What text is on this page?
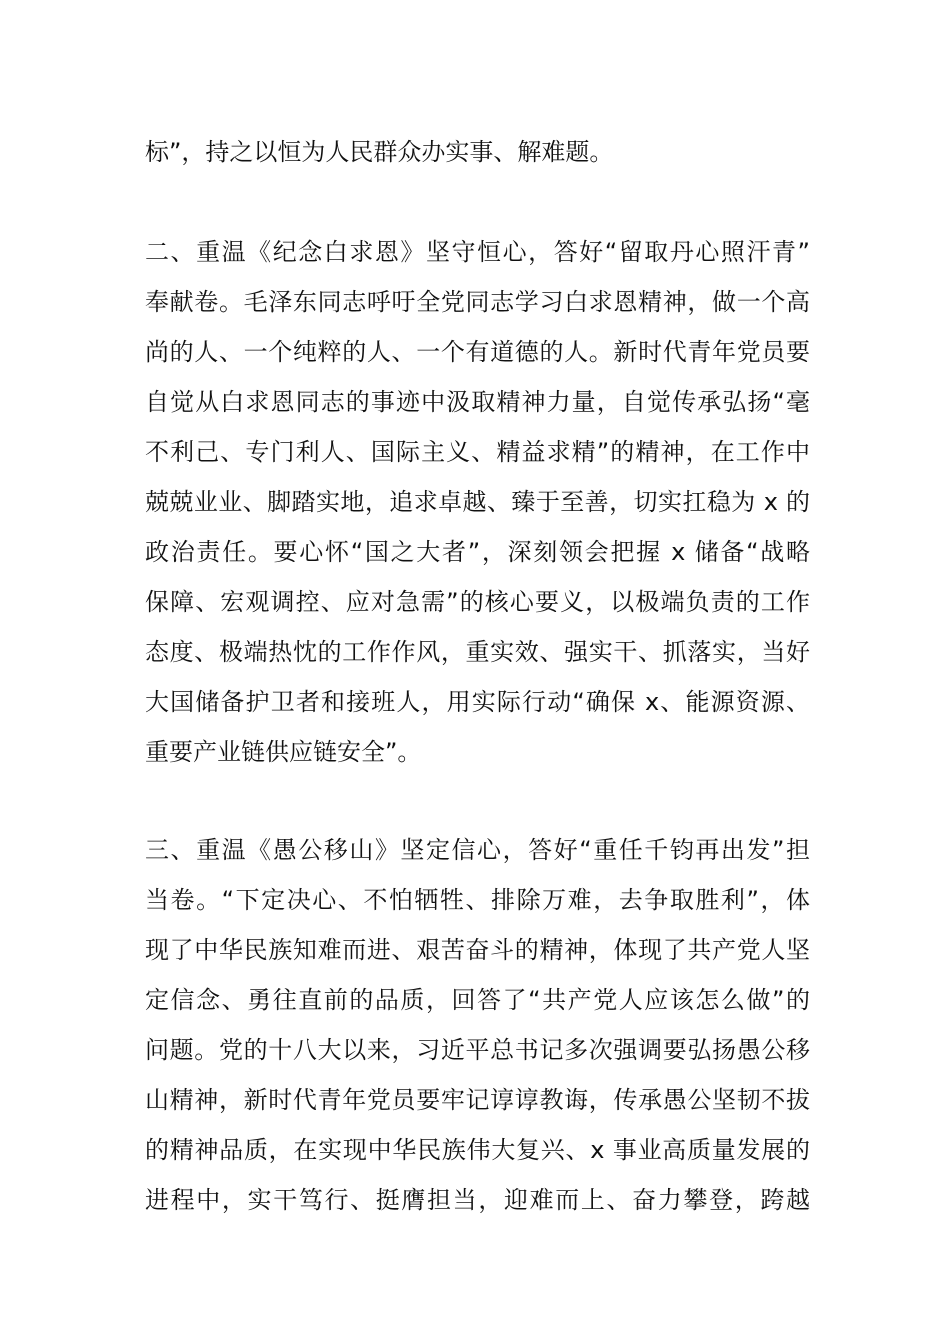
标”，持之以恒为人民群众办实事、解难题。
二、重温《纪念白求恩》坚守恒心，答好“留取丹心照汗青”
奉献卷。毛泽东同志呼吁全党同志学习白求恩精神，做一个高
尚的人、一个纯粹的人、一个有道德的人。新时代青年党员要
自觉从白求恩同志的事迹中汲取精神力量，自觉传承弘扬“毫
不利己、专门利人、国际主义、精益求精”的精神，在工作中
兢兢业业、脚踏实地，追求卓越、臻于至善，切实扛稳为 x 的
政治责任。要心怀“国之大者”，深刻领会把握 x 储备“战略
保障、宏观调控、应对急需”的核心要义，以极端负责的工作
态度、极端热忱的工作作风，重实效、强实干、抓落实，当好
大国储备护卫者和接班人，用实际行动“确保 x、能源资源、
重要产业链供应链安全”。
三、重温《愚公移山》坚定信心，答好“重任千钧再出发”担
当卷。“下定决心、不怕牺牲、排除万难，去争取胜利”，体
现了中华民族知难而进、艰苦奋斗的精神，体现了共产党人坚
定信念、勇往直前的品质，回答了“共产党人应该怎么做”的
问题。党的十八大以来，习近平总书记多次强调要弘扬愚公移
山精神，新时代青年党员要牢记谆谆教诲，传承愚公坚韧不拔
的精神品质，在实现中华民族伟大复兴、x 事业高质量发展的
进程中，实干笃行、挺膺担当，迎难而上、奋力攀登，跨越
